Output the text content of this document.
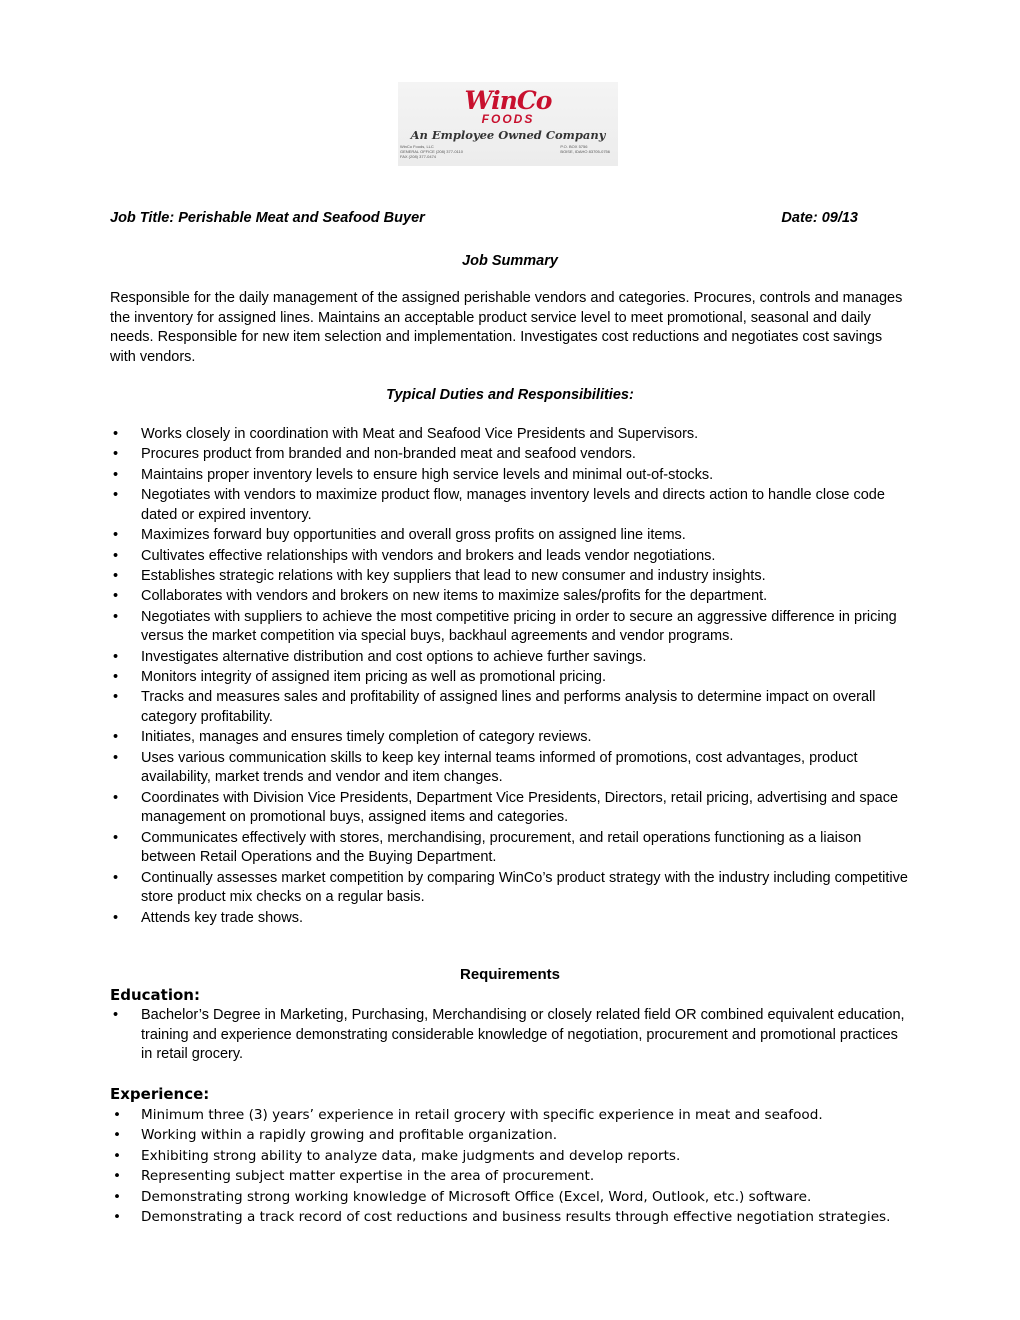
WinCo
FOODS
An Employee Owned Company
WinCo Foods, LLC
GENERAL OFFICE (208) 377-0110
FAX (208) 377-0474
P.O. BOX 5756
BOISE, IDAHO 83705-0756
Job Title: Perishable Meat and Seafood Buyer	Date: 09/13
Job Summary
Responsible for the daily management of the assigned perishable vendors and categories. Procures, controls and manages the inventory for assigned lines. Maintains an acceptable product service level to meet promotional, seasonal and daily needs. Responsible for new item selection and implementation. Investigates cost reductions and negotiates cost savings with vendors.
Typical Duties and Responsibilities:
• Works closely in coordination with Meat and Seafood Vice Presidents and Supervisors.
• Procures product from branded and non-branded meat and seafood vendors.
• Maintains proper inventory levels to ensure high service levels and minimal out-of-stocks.
• Negotiates with vendors to maximize product flow, manages inventory levels and directs action to handle close code dated or expired inventory.
• Maximizes forward buy opportunities and overall gross profits on assigned line items.
• Cultivates effective relationships with vendors and brokers and leads vendor negotiations.
• Establishes strategic relations with key suppliers that lead to new consumer and industry insights.
• Collaborates with vendors and brokers on new items to maximize sales/profits for the department.
• Negotiates with suppliers to achieve the most competitive pricing in order to secure an aggressive difference in pricing versus the market competition via special buys, backhaul agreements and vendor programs.
• Investigates alternative distribution and cost options to achieve further savings.
• Monitors integrity of assigned item pricing as well as promotional pricing.
• Tracks and measures sales and profitability of assigned lines and performs analysis to determine impact on overall category profitability.
• Initiates, manages and ensures timely completion of category reviews.
• Uses various communication skills to keep key internal teams informed of promotions, cost advantages, product availability, market trends and vendor and item changes.
• Coordinates with Division Vice Presidents, Department Vice Presidents, Directors, retail pricing, advertising and space management on promotional buys, assigned items and categories.
• Communicates effectively with stores, merchandising, procurement, and retail operations functioning as a liaison between Retail Operations and the Buying Department.
• Continually assesses market competition by comparing WinCo’s product strategy with the industry including competitive store product mix checks on a regular basis.
• Attends key trade shows.
Requirements
Education:
• Bachelor’s Degree in Marketing, Purchasing, Merchandising or closely related field OR combined equivalent education, training and experience demonstrating considerable knowledge of negotiation, procurement and promotional practices in retail grocery.
Experience:
• Minimum three (3) years’ experience in retail grocery with specific experience in meat and seafood.
• Working within a rapidly growing and profitable organization.
• Exhibiting strong ability to analyze data, make judgments and develop reports.
• Representing subject matter expertise in the area of procurement.
• Demonstrating strong working knowledge of Microsoft Office (Excel, Word, Outlook, etc.) software.
• Demonstrating a track record of cost reductions and business results through effective negotiation strategies.
